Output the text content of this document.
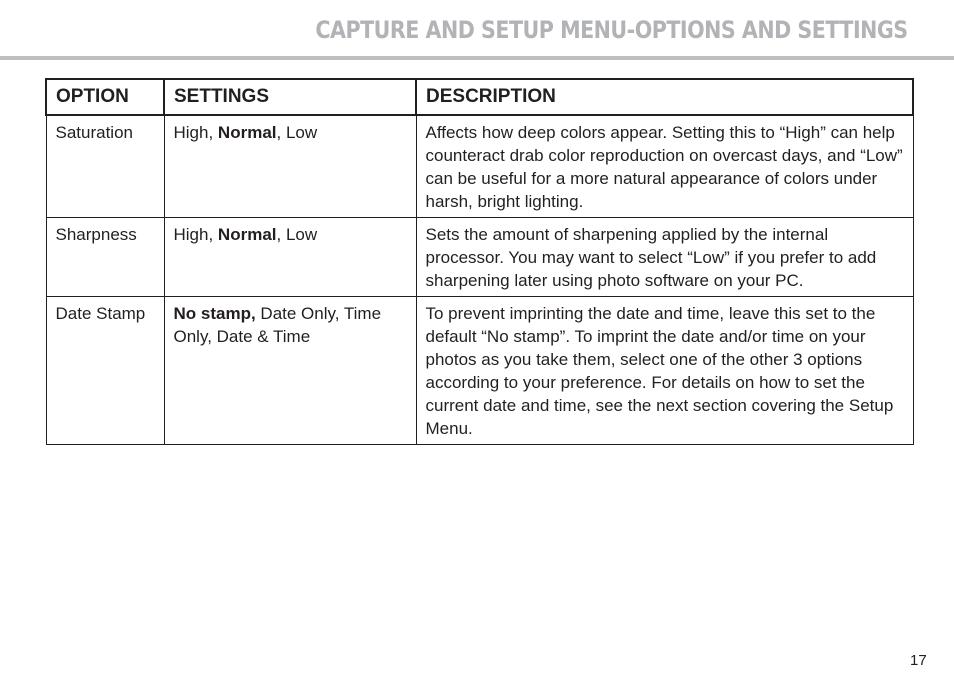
CAPTURE AND SETUP MENU-OPTIONS AND SETTINGS
OPTION	SETTINGS	DESCRIPTION
Saturation	High, Normal, Low	Affects how deep colors appear. Setting this to “High” can help counteract drab color reproduction on overcast days, and “Low” can be useful for a more natural appearance of colors under harsh, bright lighting.
Sharpness	High, Normal, Low	Sets the amount of sharpening applied by the internal processor. You may want to select “Low” if you prefer to add sharpening later using photo software on your PC.
Date Stamp	No stamp, Date Only, Time Only, Date & Time	To prevent imprinting the date and time, leave this set to the default “No stamp”. To imprint the date and/or time on your photos as you take them, select one of the other 3 options according to your preference. For details on how to set the current date and time, see the next section covering the Setup Menu.
17
